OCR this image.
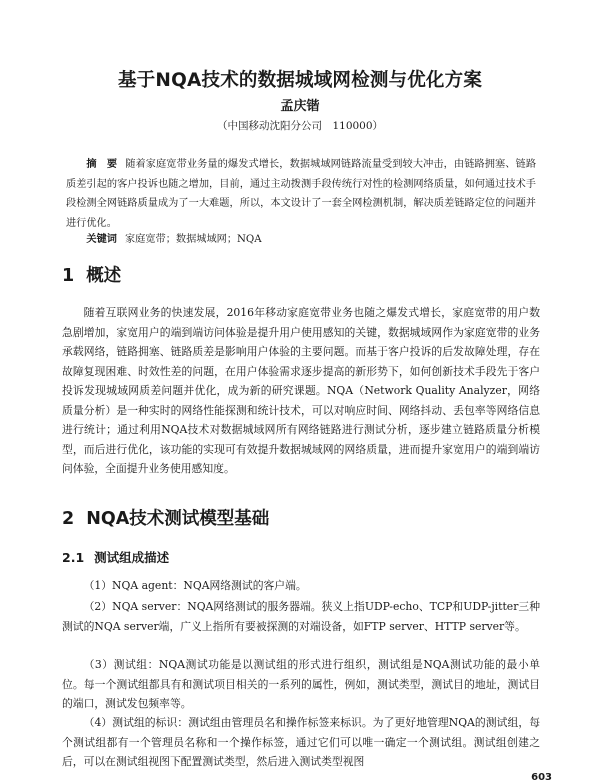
基于NQA技术的数据城域网检测与优化方案

孟庆锴

（中国移动沈阳分公司　110000）

摘　要 随着家庭宽带业务量的爆发式增长，数据城域网链路流量受到较大冲击，由链路拥塞、链路质差引起的客户投诉也随之增加，目前，通过主动拨测手段传统行对性的检测网络质量，如何通过技术手段检测全网链路质量成为了一大难题，所以，本文设计了一套全网检测机制，解决质差链路定位的问题并进行优化。

关键词 家庭宽带；数据城域网；NQA

1 概述

随着互联网业务的快速发展，2016年移动家庭宽带业务也随之爆发式增长，家庭宽带的用户数急剧增加，家宽用户的端到端访问体验是提升用户使用感知的关键，数据城域网作为家庭宽带的业务承载网络，链路拥塞、链路质差是影响用户体验的主要问题。而基于客户投诉的后发故障处理，存在故障复现困难、时效性差的问题，在用户体验需求逐步提高的新形势下，如何创新技术手段先于客户投诉发现城域网质差问题并优化，成为新的研究课题。NQA（Network Quality Analyzer，网络质量分析）是一种实时的网络性能探测和统计技术，可以对响应时间、网络抖动、丢包率等网络信息进行统计；通过利用NQA技术对数据城域网所有网络链路进行测试分析，逐步建立链路质量分析模型，而后进行优化，该功能的实现可有效提升数据城域网的网络质量，进而提升家宽用户的端到端访问体验，全面提升业务使用感知度。

2 NQA技术测试模型基础
2.1 测试组成描述

（1）NQA agent：NQA网络测试的客户端。

（2）NQA server：NQA网络测试的服务器端。狭义上指UDP-echo、TCP和UDP-jitter三种测试的NQA server端，广义上指所有要被探测的对端设备，如FTP server、HTTP server等。

（3）测试组：NQA测试功能是以测试组的形式进行组织，测试组是NQA测试功能的最小单位。每一个测试组都具有和测试项目相关的一系列的属性，例如，测试类型，测试目的地址，测试目的端口，测试发包频率等。

（4）测试组的标识：测试组由管理员名和操作标签来标识。为了更好地管理NQA的测试组，每个测试组都有一个管理员名称和一个操作标签，通过它们可以唯一确定一个测试组。测试组创建之后，可以在测试组视图下配置测试类型，然后进入测试类型视图

603
